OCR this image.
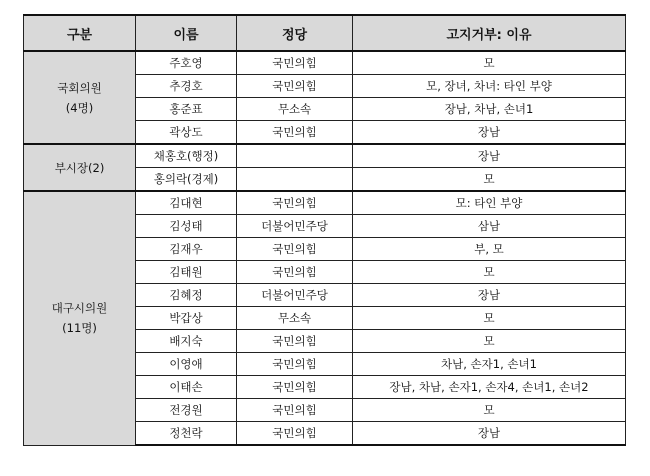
구분	이름	정당	고지거부: 이유

국회의원
(4명)	주호영	국민의힘	모
	추경호	국민의힘	모, 장녀, 차녀: 타인 부양
	홍준표	무소속	장남, 차남, 손녀1
	곽상도	국민의힘	장남

부시장(2)	채홍호(행정)		장남
	홍의락(경제)		모

대구시의원
(11명)	김대현	국민의힘	모: 타인 부양
	김성태	더불어민주당	삼남
	김재우	국민의힘	부, 모
	김태원	국민의힘	모
	김혜정	더불어민주당	장남
	박갑상	무소속	모
	배지숙	국민의힘	모
	이영애	국민의힘	차남, 손자1, 손녀1
	이태손	국민의힘	장남, 차남, 손자1, 손자4, 손녀1, 손녀2
	전경원	국민의힘	모
	정천락	국민의힘	장남
